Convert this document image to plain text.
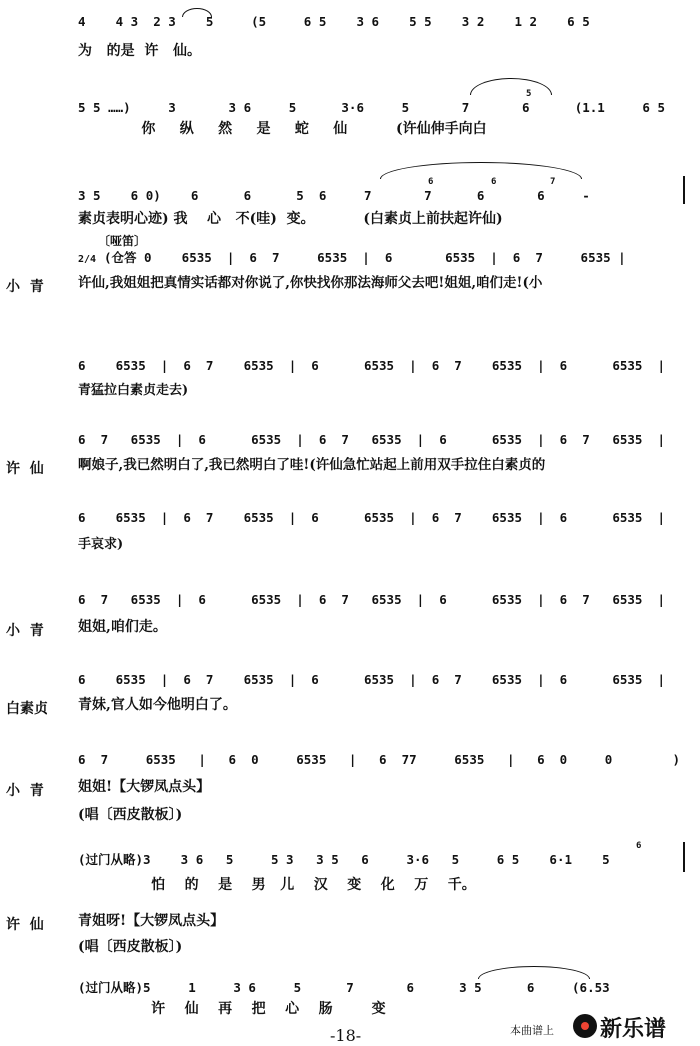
4    4 3  2 3    5     (5     6 5    3 6    5 5    3 2    1 2    6 5
为   的是  许   仙。
5 5 ……)     3       3 6     5      3·6     5       7       6      (1.1     6 5
5
你     纵     然     是     蛇     仙          (许仙伸手向白
3 5    6 0)    6      6      5  6     7       7      6       6     -
6	6	7
素贞表明心迹) 我    心   不(哇)  变。          (白素贞上前扶起许仙)
〔哑笛〕
2/4 (仓答 0    6535  |  6  7     6535  |  6       6535  |  6  7     6535 |
小  青	许仙,我姐姐把真情实话都对你说了,你快找你那法海师父去吧!姐姐,咱们走!(小
6    6535  |  6  7    6535  |  6      6535  |  6  7    6535  |  6      6535  |
青猛拉白素贞走去)
6  7   6535  |  6      6535  |  6  7   6535  |  6      6535  |  6  7   6535  |
许  仙	啊娘子,我已然明白了,我已然明白了哇!(许仙急忙站起上前用双手拉住白素贞的
6    6535  |  6  7    6535  |  6      6535  |  6  7    6535  |  6      6535  |
手哀求)
6  7   6535  |  6      6535  |  6  7   6535  |  6      6535  |  6  7   6535  |
小  青 姐姐,咱们走。
6    6535  |  6  7    6535  |  6      6535  |  6  7    6535  |  6      6535  |
白素贞 青妹,官人如今他明白了。
6  7     6535   |   6  0     6535   |   6  77     6535   |   6  0     0        )
小  青 姐姐!【大锣凤点头】
(唱〔西皮散板〕)
(过门从略)3    3 6   5     5 3   3 5   6     3·6   5     6 5    6·1    5
6
怕    的    是    男   儿    汉    变    化    万    千。
许  仙 青姐呀!【大锣凤点头】
(唱〔西皮散板〕)
(过门从略)5     1     3 6     5      7       6      3 5      6     (6.53
许    仙    再    把    心    肠        变
-18-	本曲谱上 新乐谱
